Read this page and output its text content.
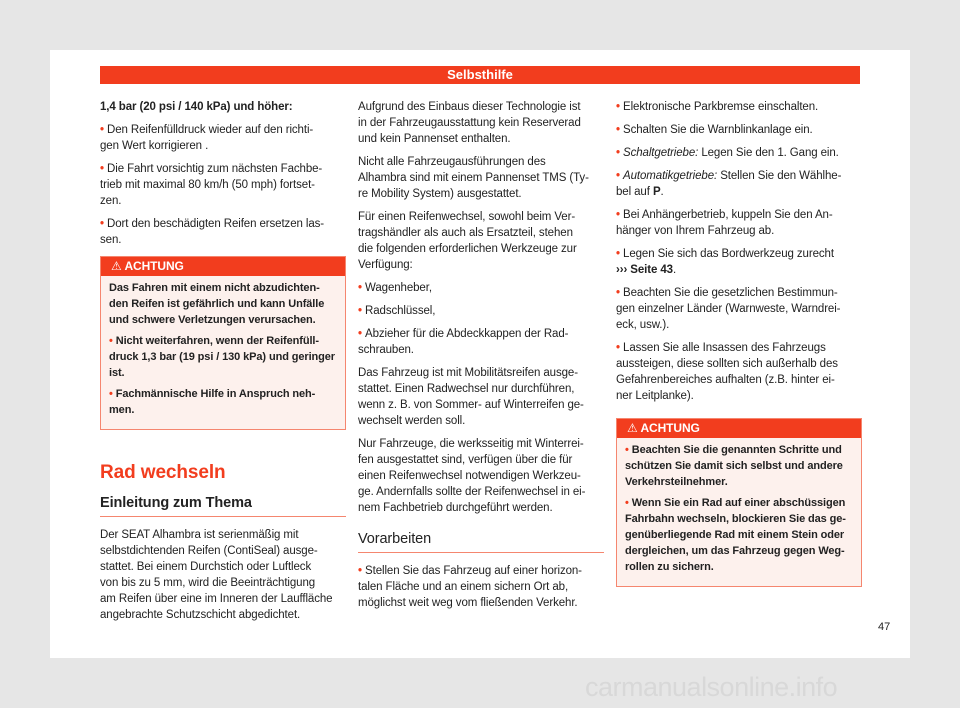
Selbsthilfe
1,4 bar (20 psi / 140 kPa) und höher:
• Den Reifenfülldruck wieder auf den richti-
gen Wert korrigieren .
• Die Fahrt vorsichtig zum nächsten Fachbe-
trieb mit maximal 80 km/h (50 mph) fortset-
zen.
• Dort den beschädigten Reifen ersetzen las-
sen.
⚠ ACHTUNG
Das Fahren mit einem nicht abzudichten-
den Reifen ist gefährlich und kann Unfälle
und schwere Verletzungen verursachen.
• Nicht weiterfahren, wenn der Reifenfüll-
druck 1,3 bar (19 psi / 130 kPa) und geringer
ist.
• Fachmännische Hilfe in Anspruch neh-
men.
Rad wechseln
Einleitung zum Thema
Der SEAT Alhambra ist serienmäßig mit
selbstdichtenden Reifen (ContiSeal) ausge-
stattet. Bei einem Durchstich oder Luftleck
von bis zu 5 mm, wird die Beeinträchtigung
am Reifen über eine im Inneren der Lauffläche
angebrachte Schutzschicht abgedichtet.
Aufgrund des Einbaus dieser Technologie ist
in der Fahrzeugausstattung kein Reserverad
und kein Pannenset enthalten.
Nicht alle Fahrzeugausführungen des
Alhambra sind mit einem Pannenset TMS (Ty-
re Mobility System) ausgestattet.
Für einen Reifenwechsel, sowohl beim Ver-
tragshändler als auch als Ersatzteil, stehen
die folgenden erforderlichen Werkzeuge zur
Verfügung:
• Wagenheber,
• Radschlüssel,
• Abzieher für die Abdeckkappen der Rad-
schrauben.
Das Fahrzeug ist mit Mobilitätsreifen ausge-
stattet. Einen Radwechsel nur durchführen,
wenn z. B. von Sommer- auf Winterreifen ge-
wechselt werden soll.
Nur Fahrzeuge, die werksseitig mit Winterrei-
fen ausgestattet sind, verfügen über die für
einen Reifenwechsel notwendigen Werkzeu-
ge. Andernfalls sollte der Reifenwechsel in ei-
nem Fachbetrieb durchgeführt werden.
Vorarbeiten
• Stellen Sie das Fahrzeug auf einer horizon-
talen Fläche und an einem sichern Ort ab,
möglichst weit weg vom fließenden Verkehr.
• Elektronische Parkbremse einschalten.
• Schalten Sie die Warnblinkanlage ein.
• Schaltgetriebe: Legen Sie den 1. Gang ein.
• Automatikgetriebe: Stellen Sie den Wählhe-
bel auf P.
• Bei Anhängerbetrieb, kuppeln Sie den An-
hänger von Ihrem Fahrzeug ab.
• Legen Sie sich das Bordwerkzeug zurecht
››› Seite 43.
• Beachten Sie die gesetzlichen Bestimmun-
gen einzelner Länder (Warnweste, Warndrei-
eck, usw.).
• Lassen Sie alle Insassen des Fahrzeugs
aussteigen, diese sollten sich außerhalb des
Gefahrenbereiches aufhalten (z.B. hinter ei-
ner Leitplanke).
⚠ ACHTUNG
• Beachten Sie die genannten Schritte und
schützen Sie damit sich selbst und andere
Verkehrsteilnehmer.
• Wenn Sie ein Rad auf einer abschüssigen
Fahrbahn wechseln, blockieren Sie das ge-
genüberliegende Rad mit einem Stein oder
dergleichen, um das Fahrzeug gegen Weg-
rollen zu sichern.
47
carmanualsonline.info
